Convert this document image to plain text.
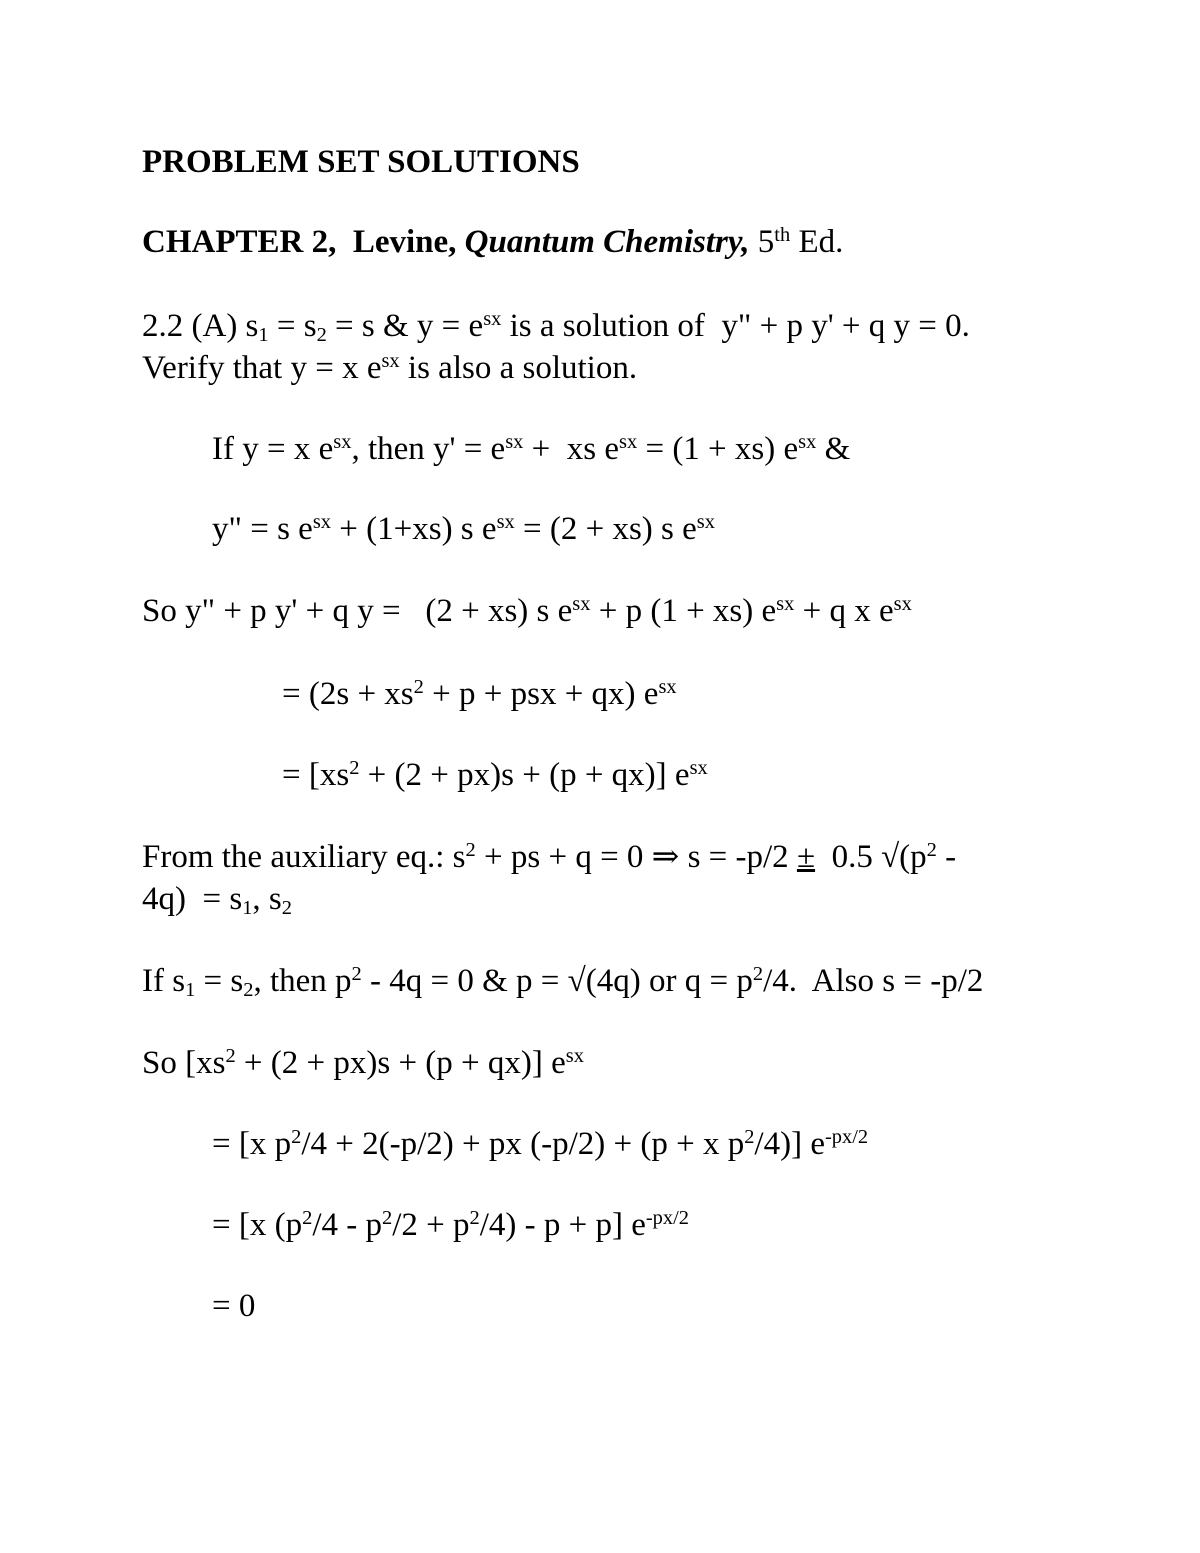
PROBLEM SET SOLUTIONS
CHAPTER 2, Levine, Quantum Chemistry, 5th Ed.
2.2 (A) $s_1 = s_2 = s$ & $y = e^{sx}$ is a solution of  y" + p y' + q y = 0.
Verify that y = x $e^{sx}$ is also a solution.
If y = x $e^{sx}$, then $y' = e^{sx}$ +  xs $e^{sx} = (1 + xs)$ $e^{sx}$ &
y" = s $e^{sx} + (1+xs)$ s $e^{sx} = (2 + xs)$ s $e^{sx}$
So y" + p y' + q y =   (2 + xs) s $e^{sx} + p$ (1 + xs) $e^{sx} + q$ x $e^{sx}$
= ($2s + xs^2 + p$ + psx + qx) $e^{sx}$
= $[xs^2 + (2 + px)s + (p + qx)]$ $e^{sx}$
From the auxiliary eq.: $s^2$ + ps + q = 0 ⇒ s = -p/2 ±  0.5 $√(p^2$ -
$4q) = s_1$, $s_2$
If $s_1 = s_2$, then $p^2 - 4q = 0$ & p = √(4q) or $q = p^2/4$.  Also s = -p/2
So $[xs^2 + (2 + px)s + (p + qx)]$ $e^{sx}$
= [x $p^2/4 + 2(-p/2)$ + px (-p/2) + (p + x $p^2/4$)] $e^{-px/2}$
= [x $(p^2/4 - p^2/2 + p^2/4) - p + p$] $e^{-px/2}$
= 0
